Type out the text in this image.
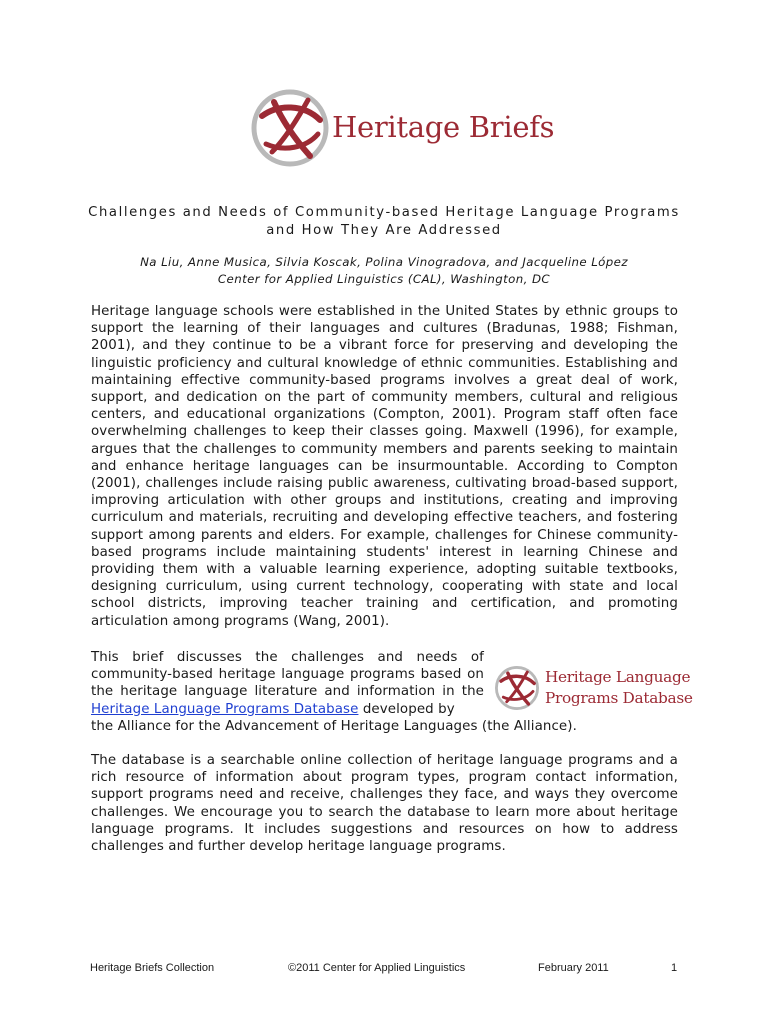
Heritage Briefs
Challenges and Needs of Community-based Heritage Language Programs
and How They Are Addressed
Na Liu, Anne Musica, Silvia Koscak, Polina Vinogradova, and Jacqueline López
Center for Applied Linguistics (CAL), Washington, DC

Heritage language schools were established in the United States by ethnic groups to support the learning of their languages and cultures (Bradunas, 1988; Fishman, 2001), and they continue to be a vibrant force for preserving and developing the linguistic proficiency and cultural knowledge of ethnic communities. Establishing and maintaining effective community-based programs involves a great deal of work, support, and dedication on the part of community members, cultural and religious centers, and educational organizations (Compton, 2001). Program staff often face overwhelming challenges to keep their classes going. Maxwell (1996), for example, argues that the challenges to community members and parents seeking to maintain and enhance heritage languages can be insurmountable. According to Compton (2001), challenges include raising public awareness, cultivating broad-based support, improving articulation with other groups and institutions, creating and improving curriculum and materials, recruiting and developing effective teachers, and fostering support among parents and elders. For example, challenges for Chinese community-based programs include maintaining students' interest in learning Chinese and providing them with a valuable learning experience, adopting suitable textbooks, designing curriculum, using current technology, cooperating with state and local school districts, improving teacher training and certification, and promoting articulation among programs (Wang, 2001).

This brief discusses the challenges and needs of community-based heritage language programs based on the heritage language literature and information in the Heritage Language Programs Database developed by

the Alliance for the Advancement of Heritage Languages (the Alliance).

Heritage Language
Programs Database

The database is a searchable online collection of heritage language programs and a rich resource of information about program types, program contact information, support programs need and receive, challenges they face, and ways they overcome challenges. We encourage you to search the database to learn more about heritage language programs. It includes suggestions and resources on how to address challenges and further develop heritage language programs.

Heritage Briefs Collection	©2011 Center for Applied Linguistics	February 2011	1
